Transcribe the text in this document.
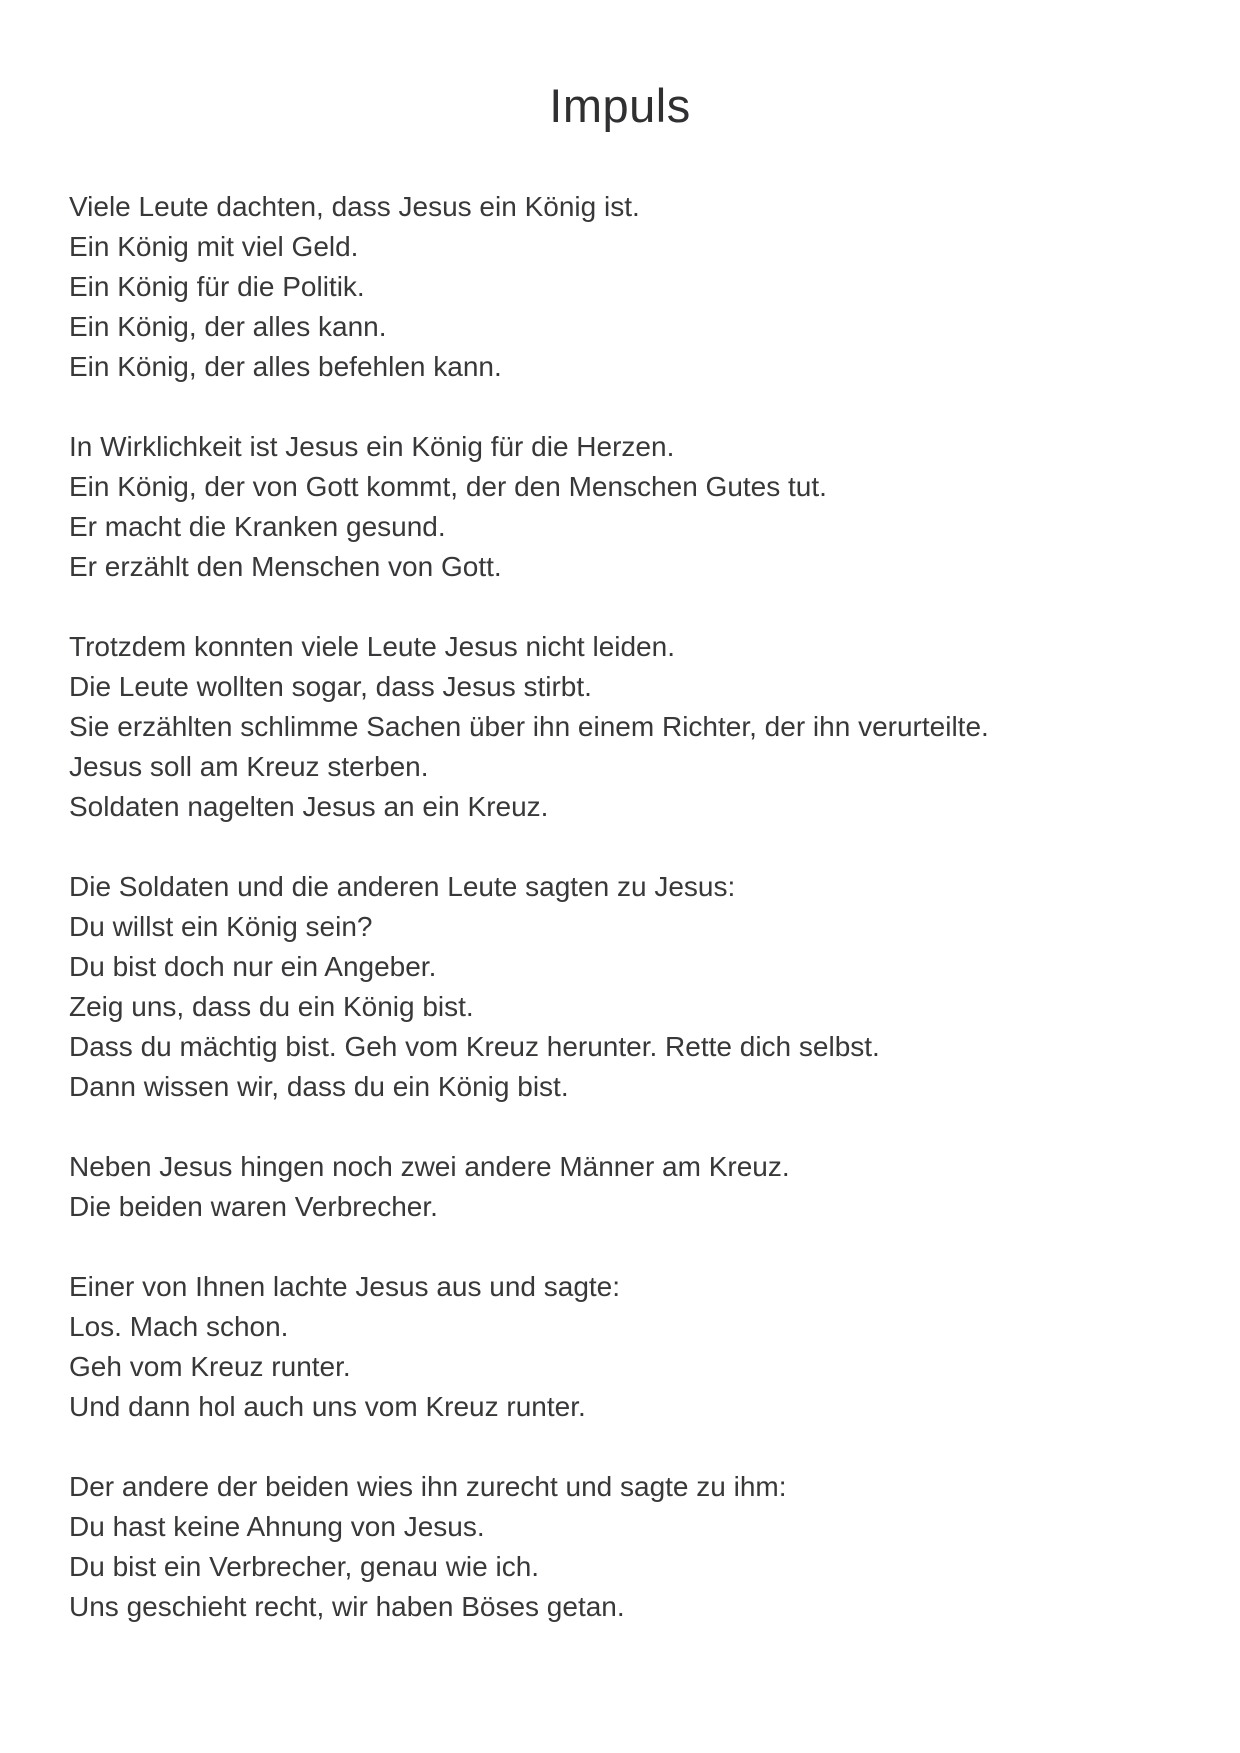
Impuls
Viele Leute dachten, dass Jesus ein König ist.
Ein König mit viel Geld.
Ein König für die Politik.
Ein König, der alles kann.
Ein König, der alles befehlen kann.
In Wirklichkeit ist Jesus ein König für die Herzen.
Ein König, der von Gott kommt, der den Menschen Gutes tut.
Er macht die Kranken gesund.
Er erzählt den Menschen von Gott.
Trotzdem konnten viele Leute Jesus nicht leiden.
Die Leute wollten sogar, dass Jesus stirbt.
Sie erzählten schlimme Sachen über ihn einem Richter, der ihn verurteilte.
Jesus soll am Kreuz sterben.
Soldaten nagelten Jesus an ein Kreuz.
Die Soldaten und die anderen Leute sagten zu Jesus:
Du willst ein König sein?
Du bist doch nur ein Angeber.
Zeig uns, dass du ein König bist.
Dass du mächtig bist. Geh vom Kreuz herunter. Rette dich selbst.
Dann wissen wir, dass du ein König bist.
Neben Jesus hingen noch zwei andere Männer am Kreuz.
Die beiden waren Verbrecher.
Einer von Ihnen lachte Jesus aus und sagte:
Los. Mach schon.
Geh vom Kreuz runter.
Und dann hol auch uns vom Kreuz runter.
Der andere der beiden wies ihn zurecht und sagte zu ihm:
Du hast keine Ahnung von Jesus.
Du bist ein Verbrecher, genau wie ich.
Uns geschieht recht, wir haben Böses getan.
